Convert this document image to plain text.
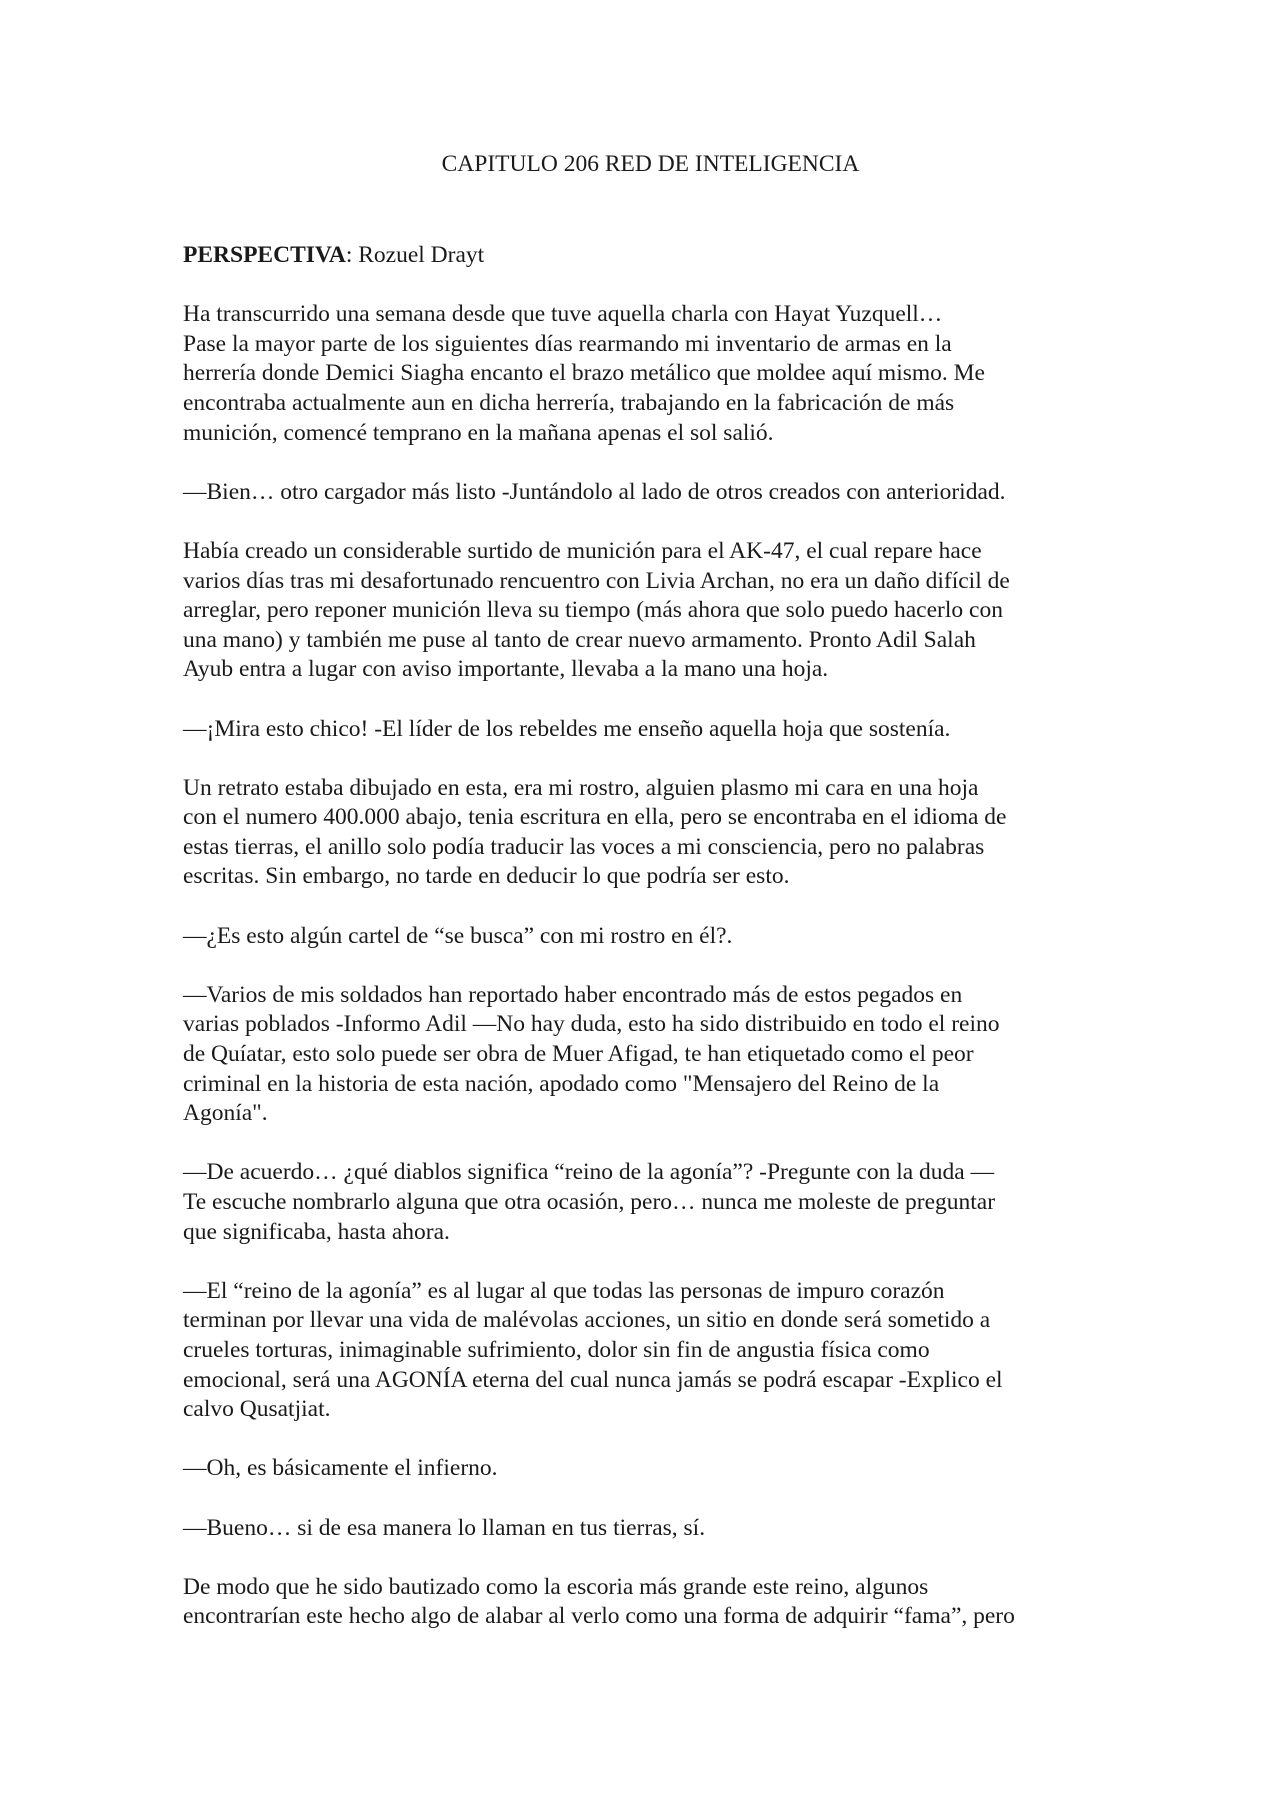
CAPITULO 206 RED DE INTELIGENCIA

PERSPECTIVA: Rozuel Drayt

Ha transcurrido una semana desde que tuve aquella charla con Hayat Yuzquell…
Pase la mayor parte de los siguientes días rearmando mi inventario de armas en la
herrería donde Demici Siagha encanto el brazo metálico que moldee aquí mismo. Me
encontraba actualmente aun en dicha herrería, trabajando en la fabricación de más
munición, comencé temprano en la mañana apenas el sol salió.

—Bien… otro cargador más listo -Juntándolo al lado de otros creados con anterioridad.

Había creado un considerable surtido de munición para el AK-47, el cual repare hace
varios días tras mi desafortunado rencuentro con Livia Archan, no era un daño difícil de
arreglar, pero reponer munición lleva su tiempo (más ahora que solo puedo hacerlo con
una mano) y también me puse al tanto de crear nuevo armamento. Pronto Adil Salah
Ayub entra a lugar con aviso importante, llevaba a la mano una hoja.

—¡Mira esto chico! -El líder de los rebeldes me enseño aquella hoja que sostenía.

Un retrato estaba dibujado en esta, era mi rostro, alguien plasmo mi cara en una hoja
con el numero 400.000 abajo, tenia escritura en ella, pero se encontraba en el idioma de
estas tierras, el anillo solo podía traducir las voces a mi consciencia, pero no palabras
escritas. Sin embargo, no tarde en deducir lo que podría ser esto.

—¿Es esto algún cartel de “se busca” con mi rostro en él?.

—Varios de mis soldados han reportado haber encontrado más de estos pegados en
varias poblados -Informo Adil —No hay duda, esto ha sido distribuido en todo el reino
de Quíatar, esto solo puede ser obra de Muer Afigad, te han etiquetado como el peor
criminal en la historia de esta nación, apodado como "Mensajero del Reino de la
Agonía".

—De acuerdo… ¿qué diablos significa “reino de la agonía”? -Pregunte con la duda —
Te escuche nombrarlo alguna que otra ocasión, pero… nunca me moleste de preguntar
que significaba, hasta ahora.

—El “reino de la agonía” es al lugar al que todas las personas de impuro corazón
terminan por llevar una vida de malévolas acciones, un sitio en donde será sometido a
crueles torturas, inimaginable sufrimiento, dolor sin fin de angustia física como
emocional, será una AGONÍA eterna del cual nunca jamás se podrá escapar -Explico el
calvo Qusatjiat.

—Oh, es básicamente el infierno.

—Bueno… si de esa manera lo llaman en tus tierras, sí.

De modo que he sido bautizado como la escoria más grande este reino, algunos
encontrarían este hecho algo de alabar al verlo como una forma de adquirir “fama”, pero
